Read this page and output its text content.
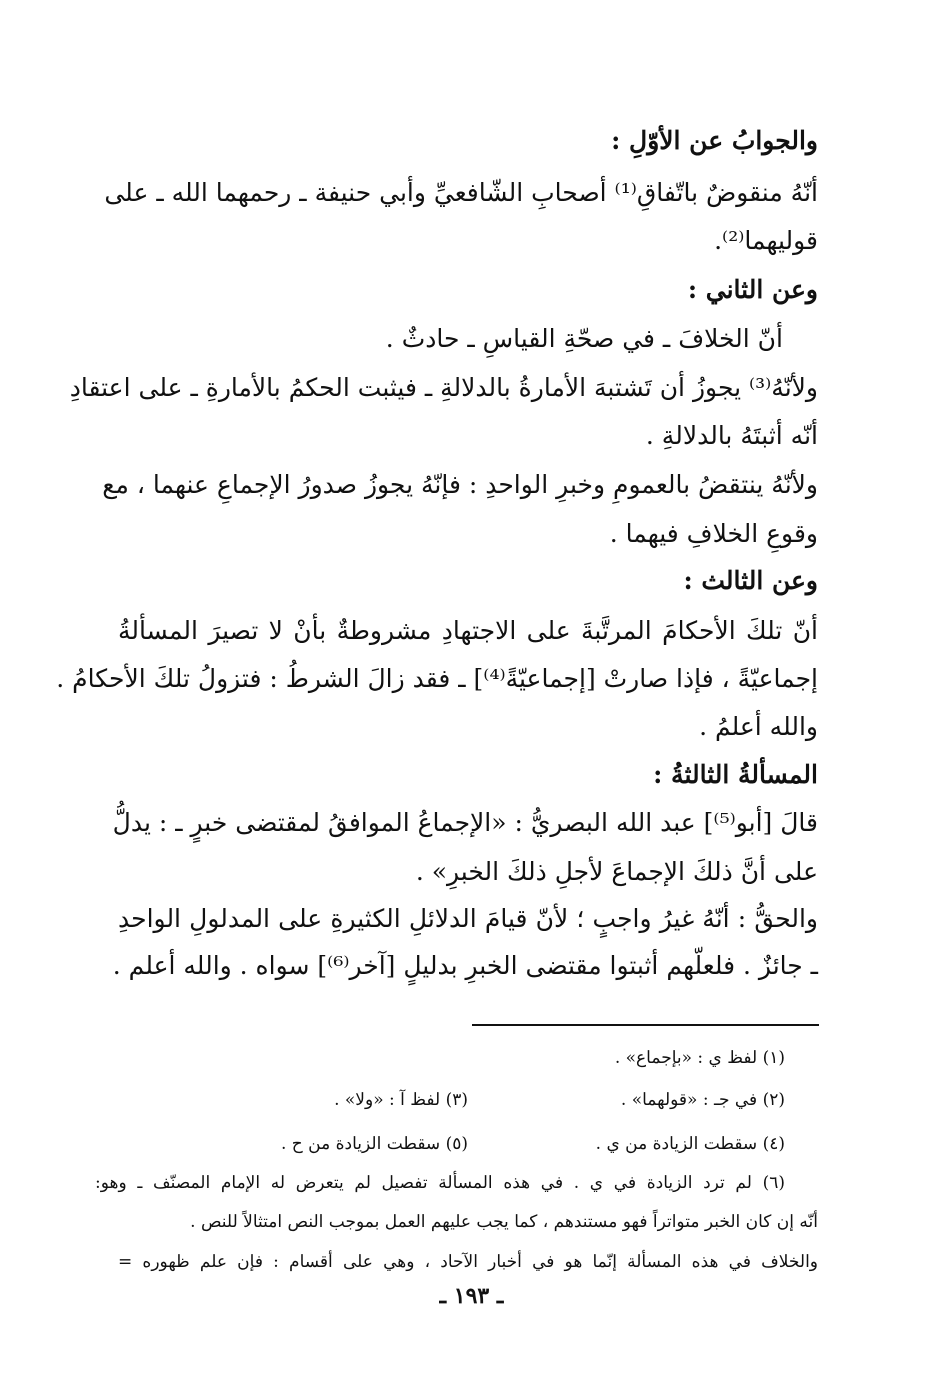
والجوابُ عن الأوّلِ :
أنّهُ منقوضٌ باتّفاقِ⁽¹⁾ أصحابِ الشّافعيِّ وأبي حنيفة ـ رحمهما الله ـ على
قوليهما⁽²⁾.
وعن الثاني :
أنّ الخلافَ ـ في صحّةِ القياسِ ـ حادثٌ .
ولأنّهُ⁽³⁾ يجوزُ أن تَشتبهَ الأمارةُ بالدلالةِ ـ فيثبت الحكمُ بالأمارةِ ـ على اعتقادِ
أنّه أثبتَهُ بالدلالةِ .
ولأنّهُ ينتقضُ بالعمومِ وخبرِ الواحدِ : فإنّهُ يجوزُ صدورُ الإجماعِ عنهما ، مع
وقوعِ الخلافِ فيهما .
وعن الثالث :
أنّ تلكَ الأحكامَ المرتَّبةَ على الاجتهادِ مشروطةٌ بأنْ لا تصيرَ المسألةُ
إجماعيّةً ، فإذا صارتْ [إجماعيّةً⁽⁴⁾] ـ فقد زالَ الشرطُ : فتزولُ تلكَ الأحكامُ .
والله أعلمُ .
المسألةُ الثالثةُ :
قالَ [أبو⁽⁵⁾] عبد الله البصريُّ : «الإجماعُ الموافقُ لمقتضى خبرٍ ـ : يدلُّ
على أنَّ ذلكَ الإجماعَ لأجلِ ذلكَ الخبرِ» .
والحقُّ : أنّهُ غيرُ واجبٍ ؛ لأنّ قيامَ الدلائلِ الكثيرةِ على المدلولِ الواحدِ
ـ جائزٌ . فلعلّهم أثبتوا مقتضى الخبرِ بدليلٍ [آخر⁽⁶⁾] سواه . والله أعلم .
(١) لفظ ي : «بإجماع» .
(٢) في جـ : «قولهما» .
(٣) لفظ آ : «ولا» .
(٤) سقطت الزيادة من ي .
(٥) سقطت الزيادة من ح .
(٦) لم ترد الزيادة في ي . في هذه المسألة تفصيل لم يتعرض له الإمام المصنّف ـ وهو:
أنّه إن كان الخبر متواتراً فهو مستندهم ، كما يجب عليهم العمل بموجب النص امتثالاً للنص .
والخلاف في هذه المسألة إنّما هو في أخبار الآحاد ، وهي على أقسام : فإن علم ظهوره =
ـ ١٩٣ ـ
